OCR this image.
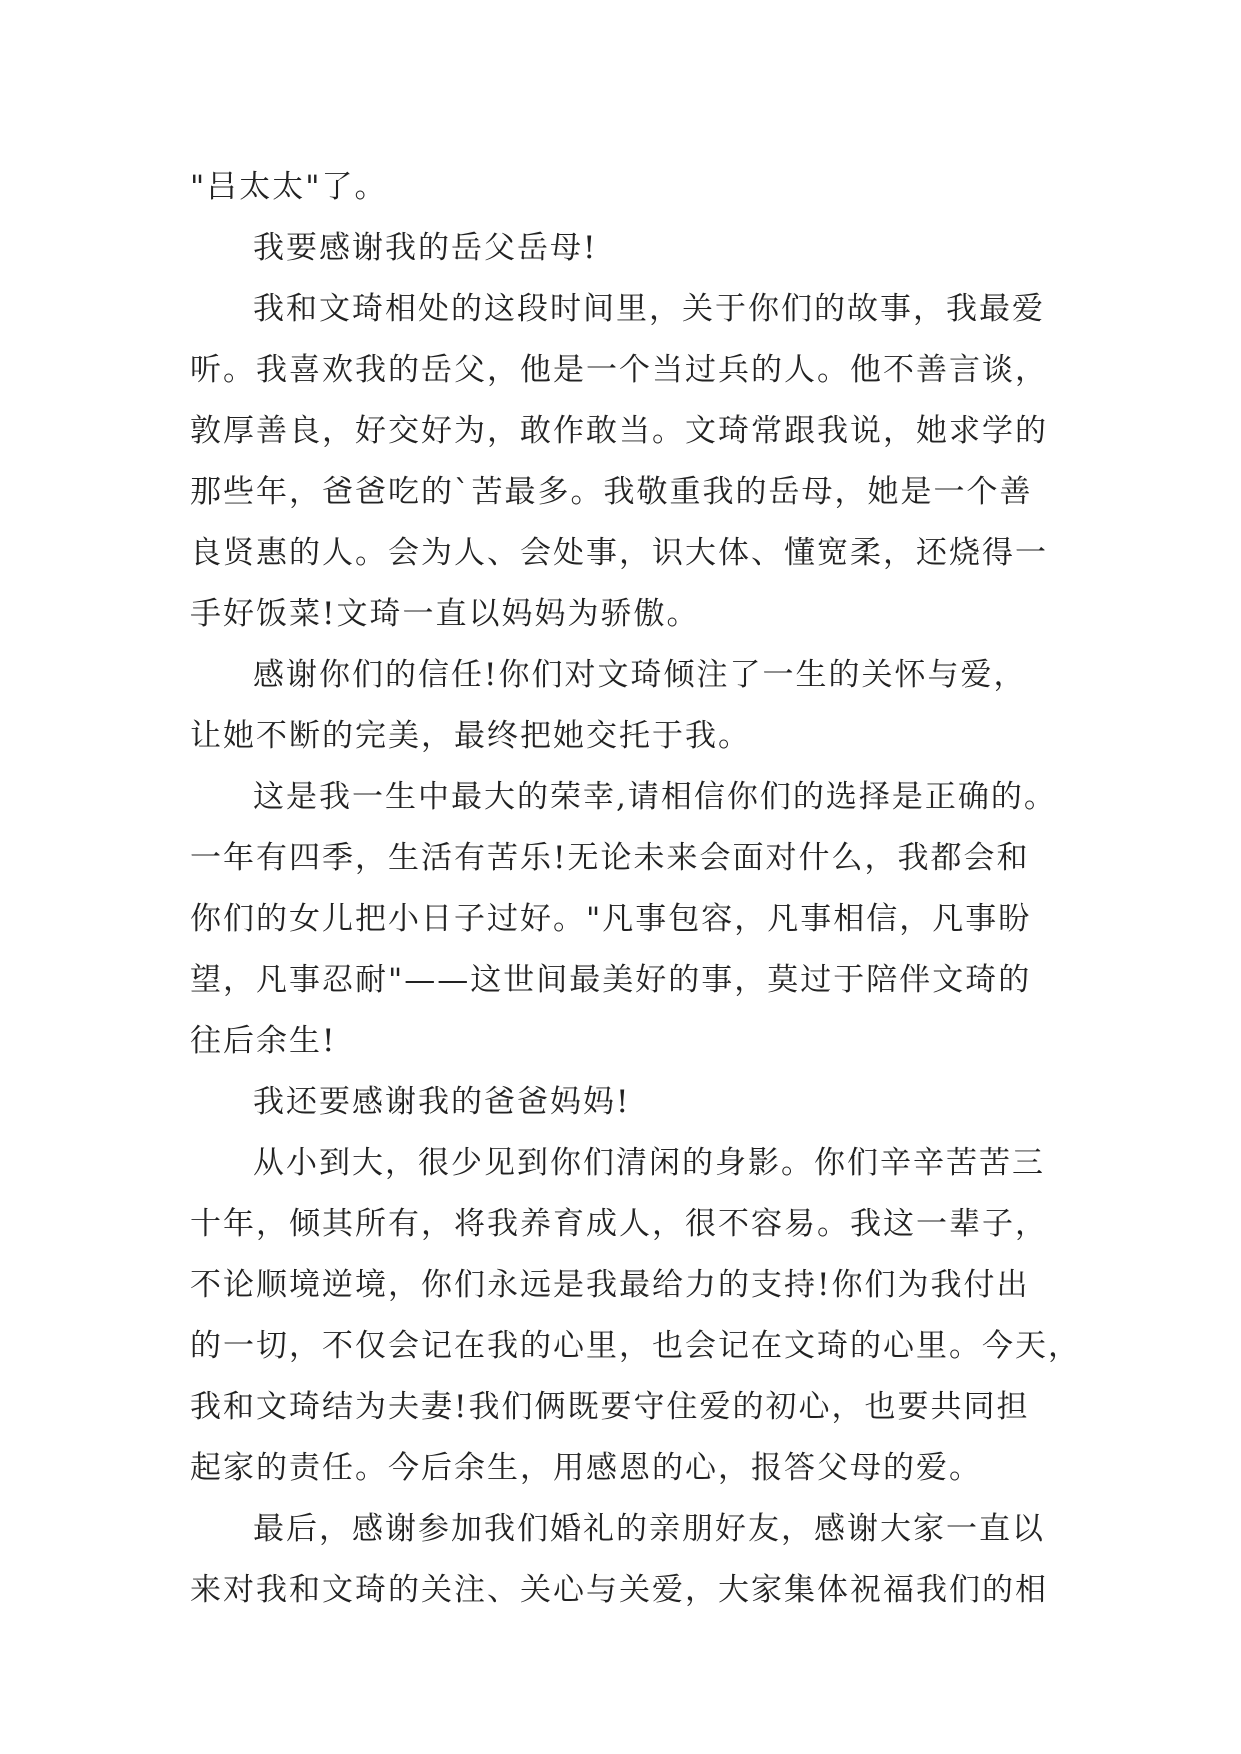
"吕太太"了。
我要感谢我的岳父岳母!
我和文琦相处的这段时间里，关于你们的故事，我最爱
听。我喜欢我的岳父，他是一个当过兵的人。他不善言谈，
敦厚善良，好交好为，敢作敢当。文琦常跟我说，她求学的
那些年，爸爸吃的`苦最多。我敬重我的岳母，她是一个善
良贤惠的人。会为人、会处事，识大体、懂宽柔，还烧得一
手好饭菜!文琦一直以妈妈为骄傲。
感谢你们的信任!你们对文琦倾注了一生的关怀与爱，
让她不断的完美，最终把她交托于我。
这是我一生中最大的荣幸,请相信你们的选择是正确的。
一年有四季，生活有苦乐!无论未来会面对什么，我都会和
你们的女儿把小日子过好。"凡事包容，凡事相信，凡事盼
望，凡事忍耐"——这世间最美好的事，莫过于陪伴文琦的
往后余生!
我还要感谢我的爸爸妈妈!
从小到大，很少见到你们清闲的身影。你们辛辛苦苦三
十年，倾其所有，将我养育成人，很不容易。我这一辈子，
不论顺境逆境，你们永远是我最给力的支持!你们为我付出
的一切，不仅会记在我的心里，也会记在文琦的心里。今天，
我和文琦结为夫妻!我们俩既要守住爱的初心，也要共同担
起家的责任。今后余生，用感恩的心，报答父母的爱。
最后，感谢参加我们婚礼的亲朋好友，感谢大家一直以
来对我和文琦的关注、关心与关爱，大家集体祝福我们的相
